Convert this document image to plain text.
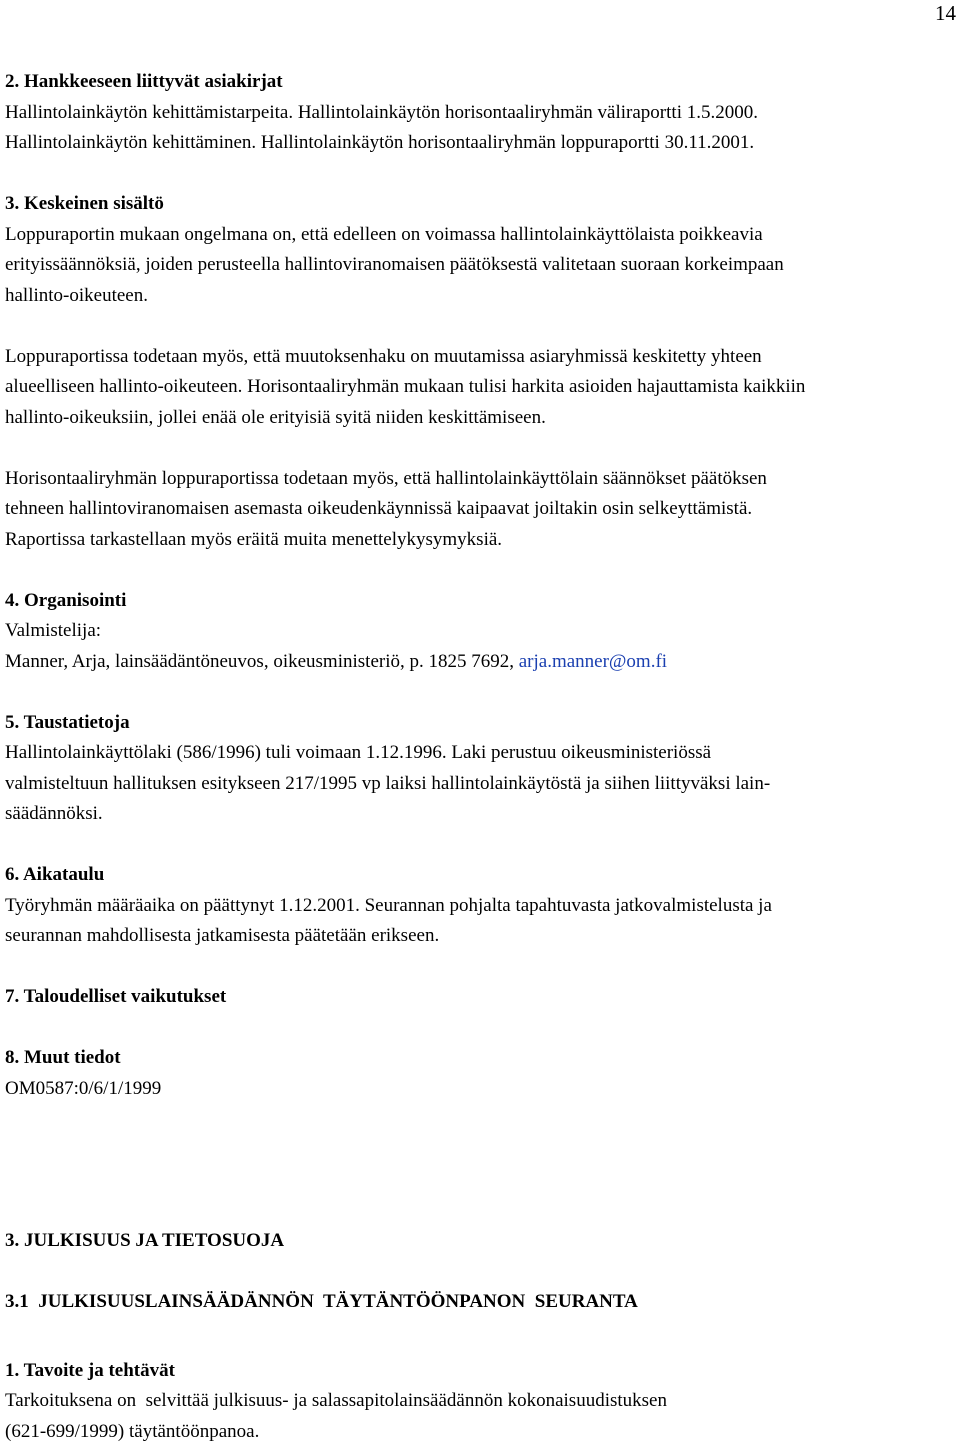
14

2. Hankkeeseen liittyvät asiakirjat

Hallintolainkäytön kehittämistarpeita. Hallintolainkäytön horisontaaliryhmän väliraportti 1.5.2000.

Hallintolainkäytön kehittäminen. Hallintolainkäytön horisontaaliryhmän loppuraportti 30.11.2001.

3. Keskeinen sisältö

Loppuraportin mukaan ongelmana on, että edelleen on voimassa hallintolainkäyttölaista poikkeavia

erityissäännöksiä, joiden perusteella hallintoviranomaisen päätöksestä valitetaan suoraan korkeimpaan

hallinto-oikeuteen.

Loppuraportissa todetaan myös, että muutoksenhaku on muutamissa asiaryhmissä keskitetty yhteen

alueelliseen hallinto-oikeuteen. Horisontaaliryhmän mukaan tulisi harkita asioiden hajauttamista kaikkiin

hallinto-oikeuksiin, jollei enää ole erityisiä syitä niiden keskittämiseen.

Horisontaaliryhmän loppuraportissa todetaan myös, että hallintolainkäyttölain säännökset päätöksen

tehneen hallintoviranomaisen asemasta oikeudenkäynnissä kaipaavat joiltakin osin selkeyttämistä.

Raportissa tarkastellaan myös eräitä muita menettelykysymyksiä.

4. Organisointi

Valmistelija:

Manner, Arja, lainsäädäntöneuvos, oikeusministeriö, p. 1825 7692, arja.manner@om.fi

5. Taustatietoja

Hallintolainkäyttölaki (586/1996) tuli voimaan 1.12.1996. Laki perustuu oikeusministeriössä

valmisteltuun hallituksen esitykseen 217/1995 vp laiksi hallintolainkäytöstä ja siihen liittyväksi lain-

säädännöksi.

6. Aikataulu

Työryhmän määräaika on päättynyt 1.12.2001. Seurannan pohjalta tapahtuvasta jatkovalmistelusta ja

seurannan mahdollisesta jatkamisesta päätetään erikseen.

7. Taloudelliset vaikutukset

8. Muut tiedot

OM0587:0/6/1/1999

3. JULKISUUS JA TIETOSUOJA

3.1  JULKISUUSLAINSÄÄDÄNNÖN  TÄYTÄNTÖÖNPANON  SEURANTA

1. Tavoite ja tehtävät

Tarkoituksena on  selvittää julkisuus- ja salassapitolainsäädännön kokonaisuudistuksen

(621-699/1999) täytäntöönpanoa.
